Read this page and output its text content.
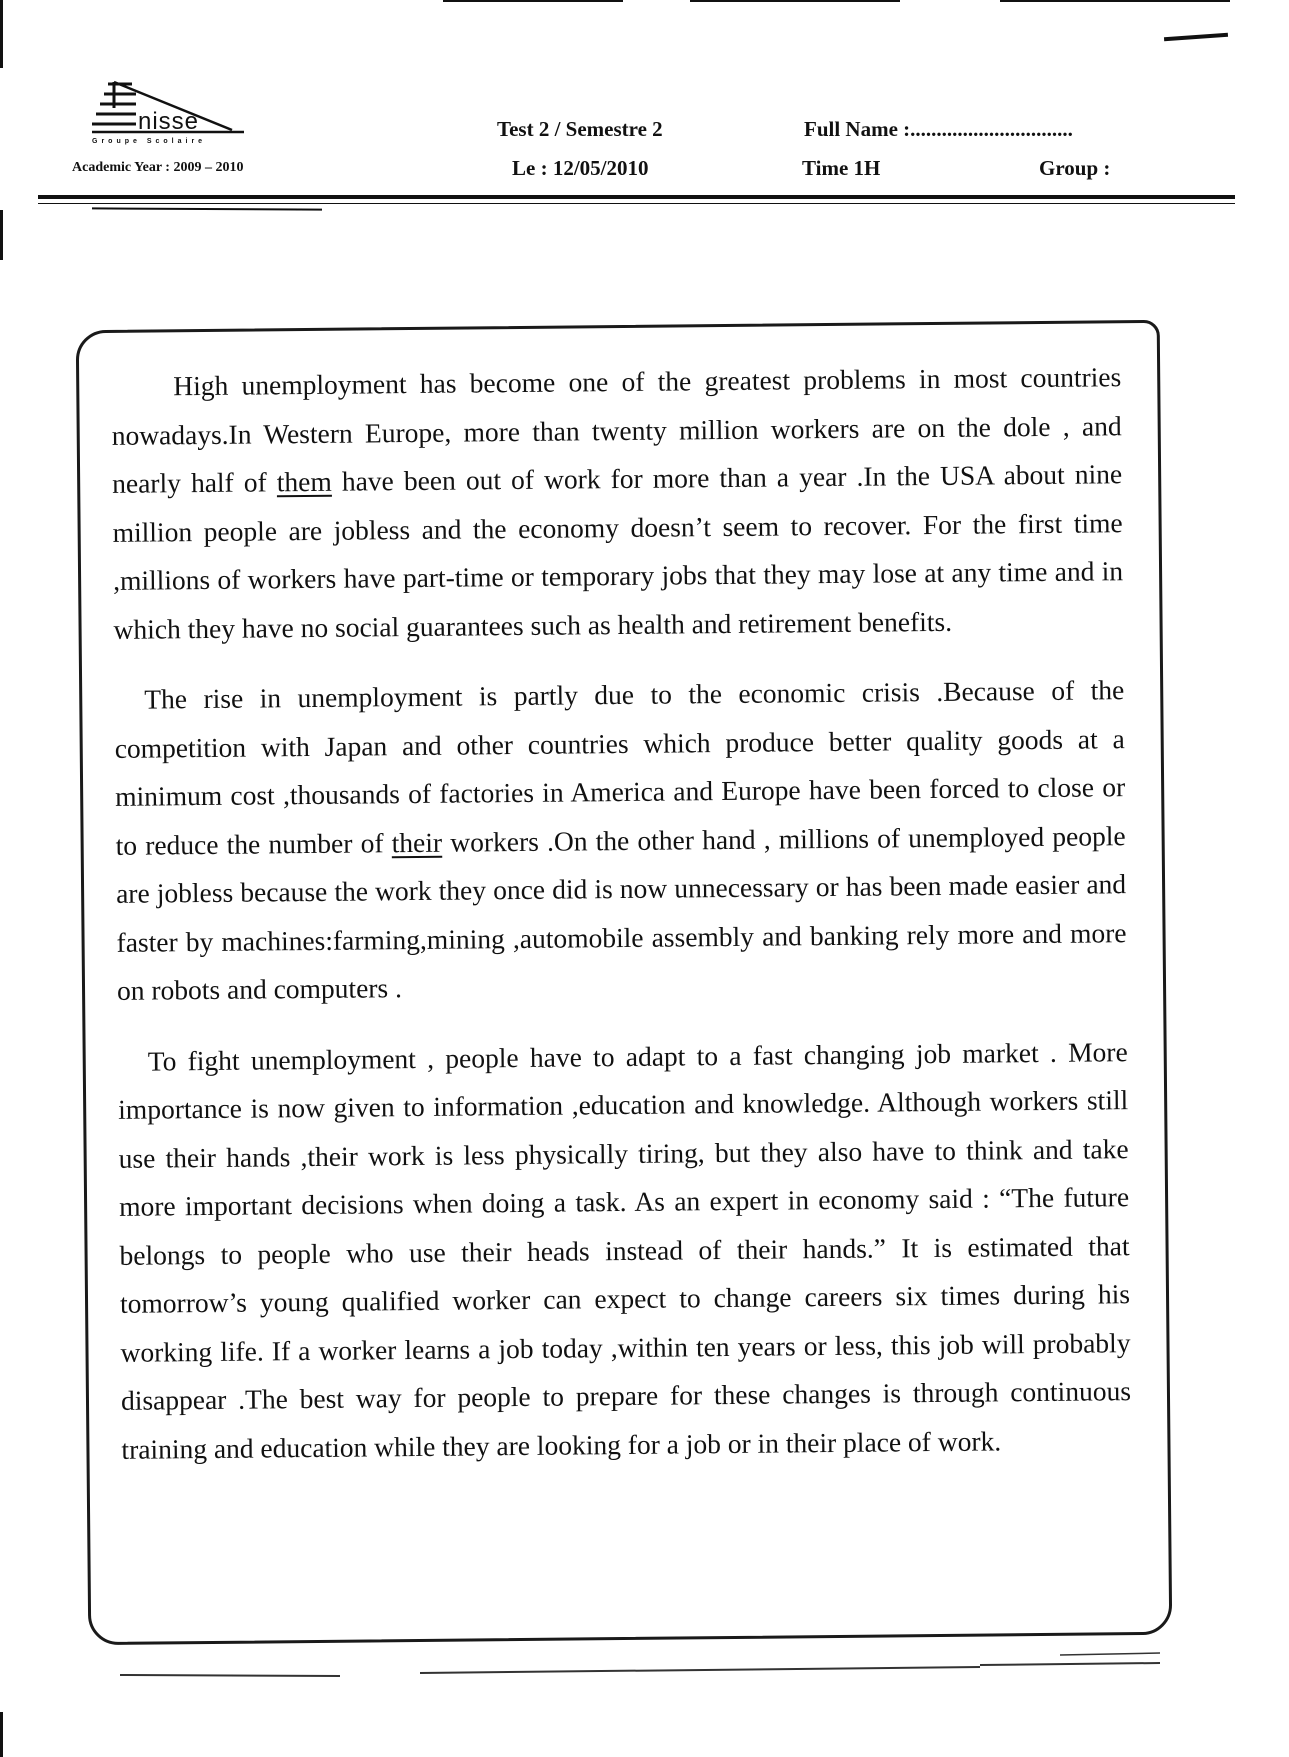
nisse
Groupe Scolaire
Academic Year : 2009 – 2010
Test 2 / Semestre 2
Le : 12/05/2010
Full Name :...............................
Time 1H	Group :

High unemployment has become one of the greatest problems in most countries nowadays.In Western Europe, more than twenty million workers are on the dole , and nearly half of them have been out of work for more than a year .In the USA about nine million people are jobless and the economy doesn’t seem to recover. For the first time ,millions of workers have part-time or temporary jobs that they may lose at any time and in which they have no social guarantees such as health and retirement benefits.

The rise in unemployment is partly due to the economic crisis .Because of the competition with Japan and other countries which produce better quality goods at a minimum cost ,thousands of factories in America and Europe have been forced to close or to reduce the number of their workers .On the other hand , millions of unemployed people are jobless because the work they once did is now unnecessary or has been made easier and faster by machines:farming,mining ,automobile assembly and banking rely more and more on robots and computers .

To fight unemployment , people have to adapt to a fast changing job market . More importance is now given to information ,education and knowledge. Although workers still use their hands ,their work is less physically tiring, but they also have to think and take more important decisions when doing a task. As an expert in economy said : “The future belongs to people who use their heads instead of their hands.” It is estimated that tomorrow’s young qualified worker can expect to change careers six times during his working life. If a worker learns a job today ,within ten years or less, this job will probably disappear .The best way for people to prepare for these changes is through continuous training and education while they are looking for a job or in their place of work.
